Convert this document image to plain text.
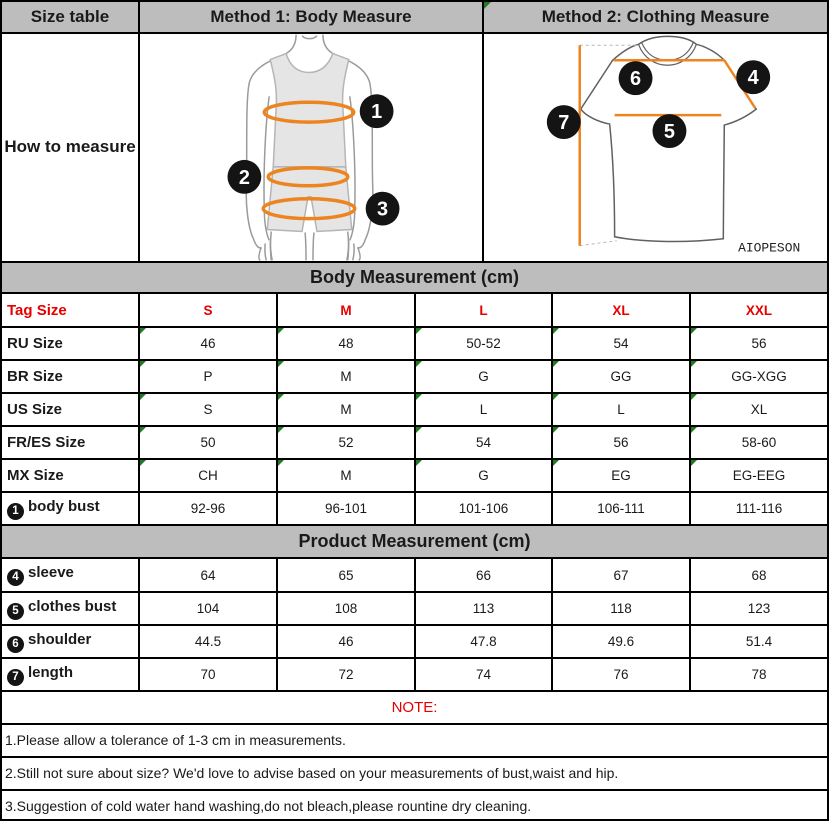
Size table	Method 1: Body Measure	Method 2: Clothing Measure
How to measure	1
2
3	6 4
7 5
AIOPESON
Body Measurement (cm)
Tag Size	S	M	L	XL	XXL
RU Size	46	48	50-52	54	56
BR Size	P	M	G	GG	GG-XGG
US Size	S	M	L	L	XL
FR/ES Size	50	52	54	56	58-60
MX Size	CH	M	G	EG	EG-EEG
1 body bust	92-96	96-101	101-106	106-111	111-116
Product Measurement (cm)
4 sleeve	64	65	66	67	68
5 clothes bust	104	108	113	118	123
6 shoulder	44.5	46	47.8	49.6	51.4
7 length	70	72	74	76	78
NOTE:
1.Please allow a tolerance of 1-3 cm in measurements.
2.Still not sure about size? We'd love to advise based on your measurements of bust,waist and hip.
3.Suggestion of cold water hand washing,do not bleach,please rountine dry cleaning.
